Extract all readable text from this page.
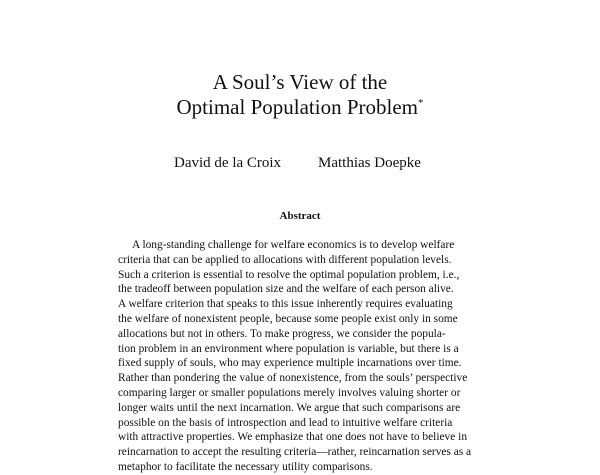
A Soul’s View of the

Optimal Population Problem*

David de la Croix Matthias Doepke
Abstract
A long-standing challenge for welfare economics is to develop welfare
criteria that can be applied to allocations with different population levels.
Such a criterion is essential to resolve the optimal population problem, i.e.,
the tradeoff between population size and the welfare of each person alive.
A welfare criterion that speaks to this issue inherently requires evaluating
the welfare of nonexistent people, because some people exist only in some
allocations but not in others. To make progress, we consider the popula-
tion problem in an environment where population is variable, but there is a
fixed supply of souls, who may experience multiple incarnations over time.
Rather than pondering the value of nonexistence, from the souls’ perspective
comparing larger or smaller populations merely involves valuing shorter or
longer waits until the next incarnation. We argue that such comparisons are
possible on the basis of introspection and lead to intuitive welfare criteria
with attractive properties. We emphasize that one does not have to believe in
reincarnation to accept the resulting criteria—rather, reincarnation serves as a
metaphor to facilitate the necessary utility comparisons.
